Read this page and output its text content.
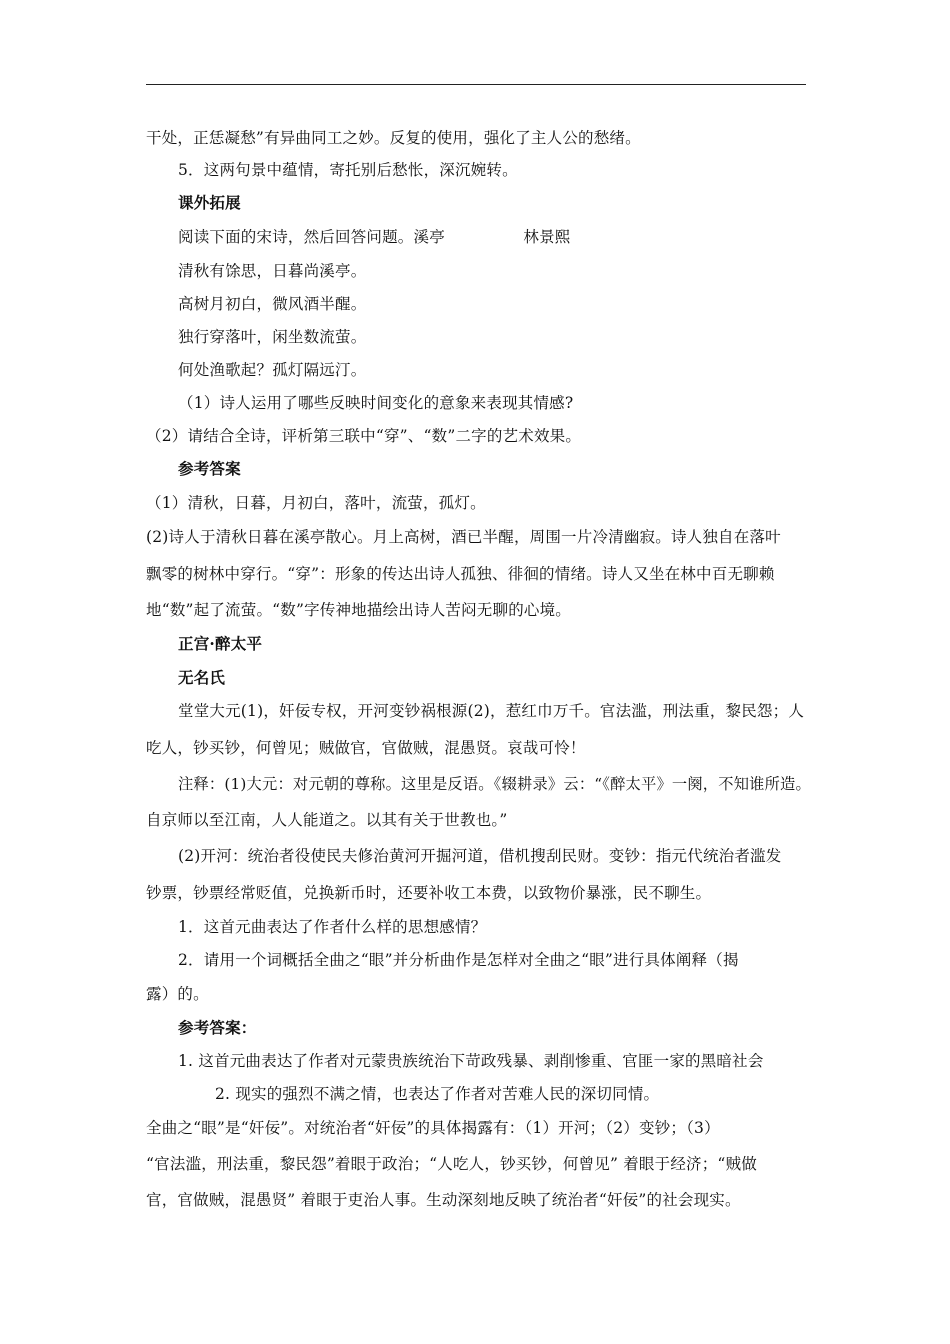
干处，正恁凝愁”有异曲同工之妙。反复的使用，强化了主人公的愁绪。
5．这两句景中蕴情，寄托别后愁怅，深沉婉转。
课外拓展
阅读下面的宋诗，然后回答问题。溪亭　　　　　林景熙
清秋有馀思，日暮尚溪亭。
高树月初白，微风酒半醒。
独行穿落叶，闲坐数流萤。
何处渔歌起？孤灯隔远汀。
（1）诗人运用了哪些反映时间变化的意象来表现其情感?
（2）请结合全诗，评析第三联中“穿”、“数”二字的艺术效果。
参考答案
（1）清秋，日暮，月初白，落叶，流萤，孤灯。
(2)诗人于清秋日暮在溪亭散心。月上高树，酒已半醒，周围一片冷清幽寂。诗人独自在落叶
飘零的树林中穿行。“穿”：形象的传达出诗人孤独、徘徊的情绪。诗人又坐在林中百无聊赖
地“数”起了流萤。“数”字传神地描绘出诗人苦闷无聊的心境。
正宫·醉太平
无名氏
堂堂大元(1)，奸佞专权，开河变钞祸根源(2)，惹红巾万千。官法滥，刑法重，黎民怨；人
吃人，钞买钞，何曾见；贼做官，官做贼，混愚贤。哀哉可怜！
注释：(1)大元：对元朝的尊称。这里是反语。《辍耕录》云：“《醉太平》一阕，不知谁所造。
自京师以至江南，人人能道之。以其有关于世教也。”
(2)开河：统治者役使民夫修治黄河开掘河道，借机搜刮民财。变钞：指元代统治者滥发
钞票，钞票经常贬值，兑换新币时，还要补收工本费，以致物价暴涨，民不聊生。
1．这首元曲表达了作者什么样的思想感情？
2．请用一个词概括全曲之“眼”并分析曲作是怎样对全曲之“眼”进行具体阐释（揭
露）的。
参考答案：
1. 这首元曲表达了作者对元蒙贵族统治下苛政残暴、剥削惨重、官匪一家的黑暗社会
2. 现实的强烈不满之情，也表达了作者对苦难人民的深切同情。
全曲之“眼”是“奸佞”。对统治者“奸佞”的具体揭露有：（1）开河；（2）变钞；（3）
“官法滥，刑法重，黎民怨”着眼于政治；“人吃人，钞买钞，何曾见” 着眼于经济；“贼做
官，官做贼，混愚贤” 着眼于吏治人事。生动深刻地反映了统治者“奸佞”的社会现实。
